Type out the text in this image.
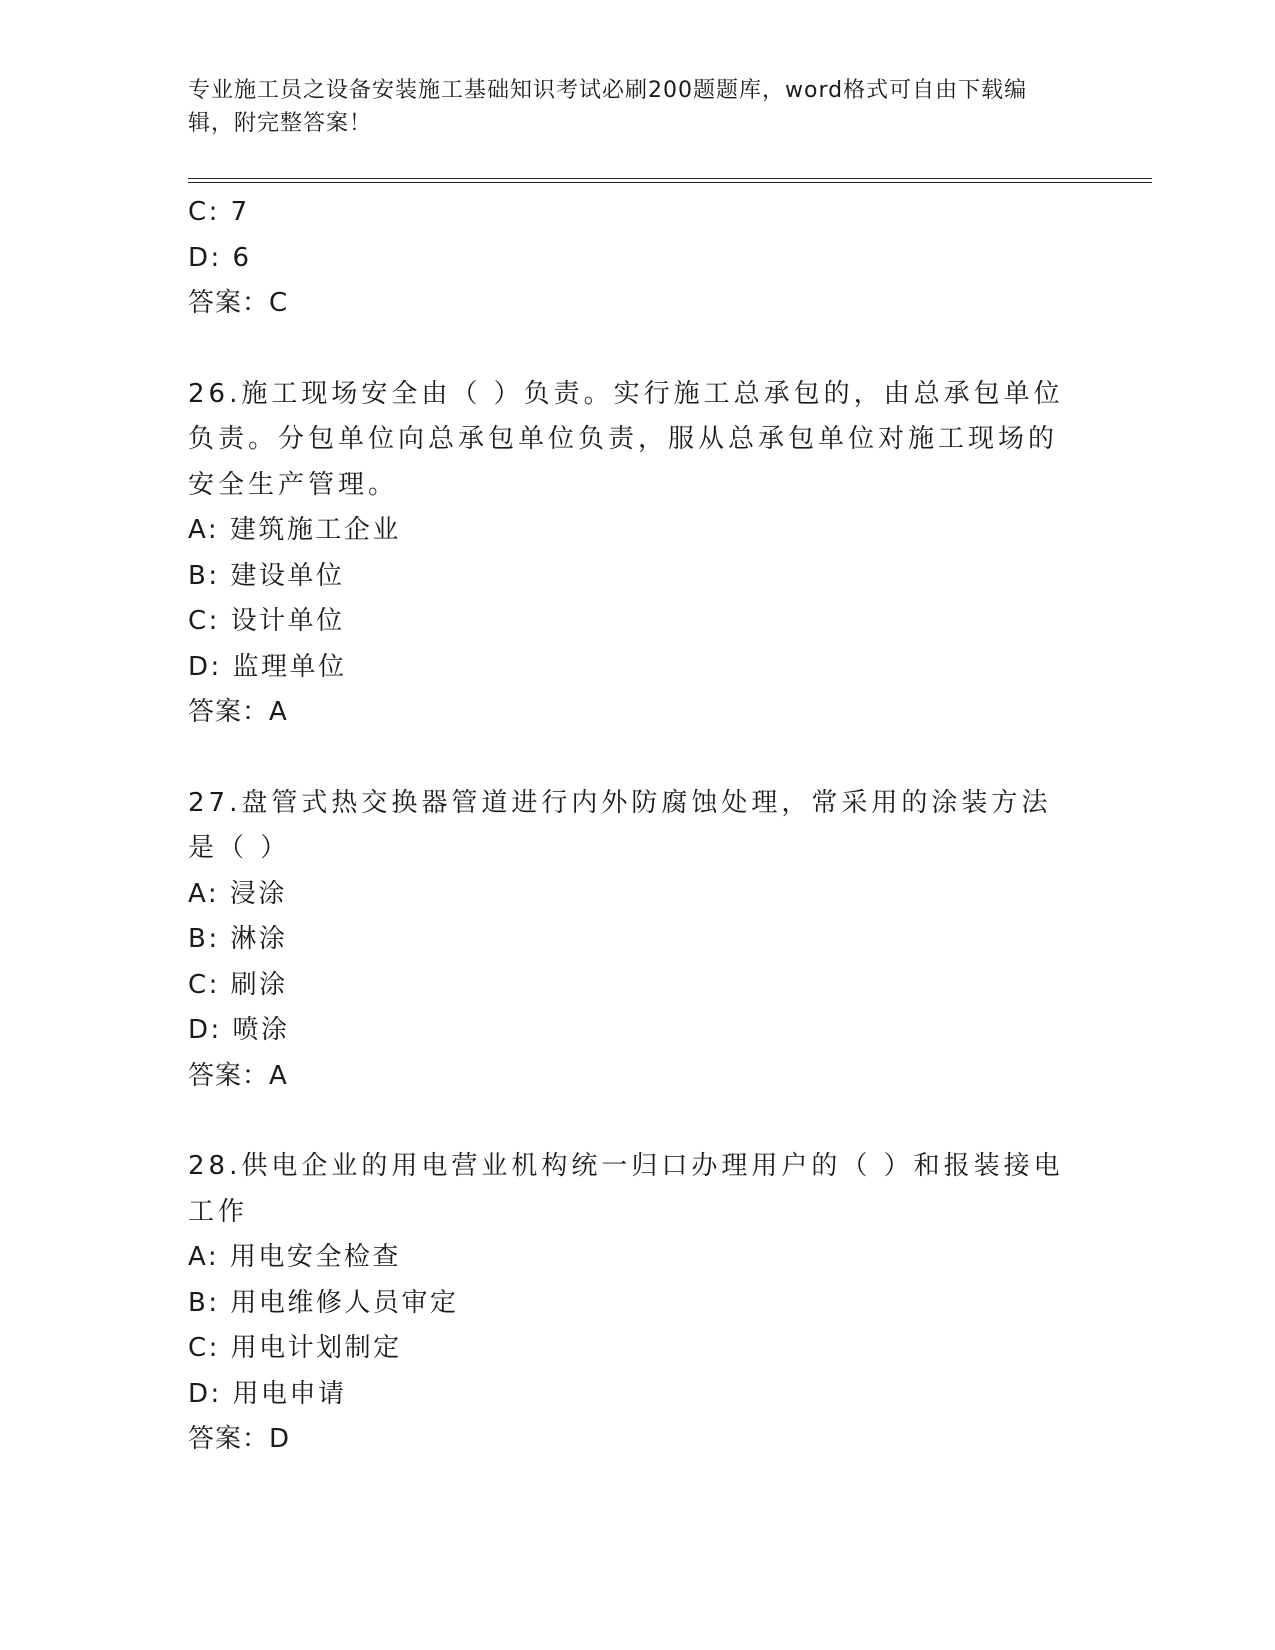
专业施工员之设备安装施工基础知识考试必刷200题题库，word格式可自由下载编辑，附完整答案！
C: 7
D: 6
答案：C
26.施工现场安全由（ ）负责。实行施工总承包的，由总承包单位负责。分包单位向总承包单位负责，服从总承包单位对施工现场的安全生产管理。
A: 建筑施工企业
B: 建设单位
C: 设计单位
D: 监理单位
答案：A
27.盘管式热交换器管道进行内外防腐蚀处理，常采用的涂装方法是（ ）
A: 浸涂
B: 淋涂
C: 刷涂
D: 喷涂
答案：A
28.供电企业的用电营业机构统一归口办理用户的（ ）和报装接电工作
A: 用电安全检查
B: 用电维修人员审定
C: 用电计划制定
D: 用电申请
答案：D
